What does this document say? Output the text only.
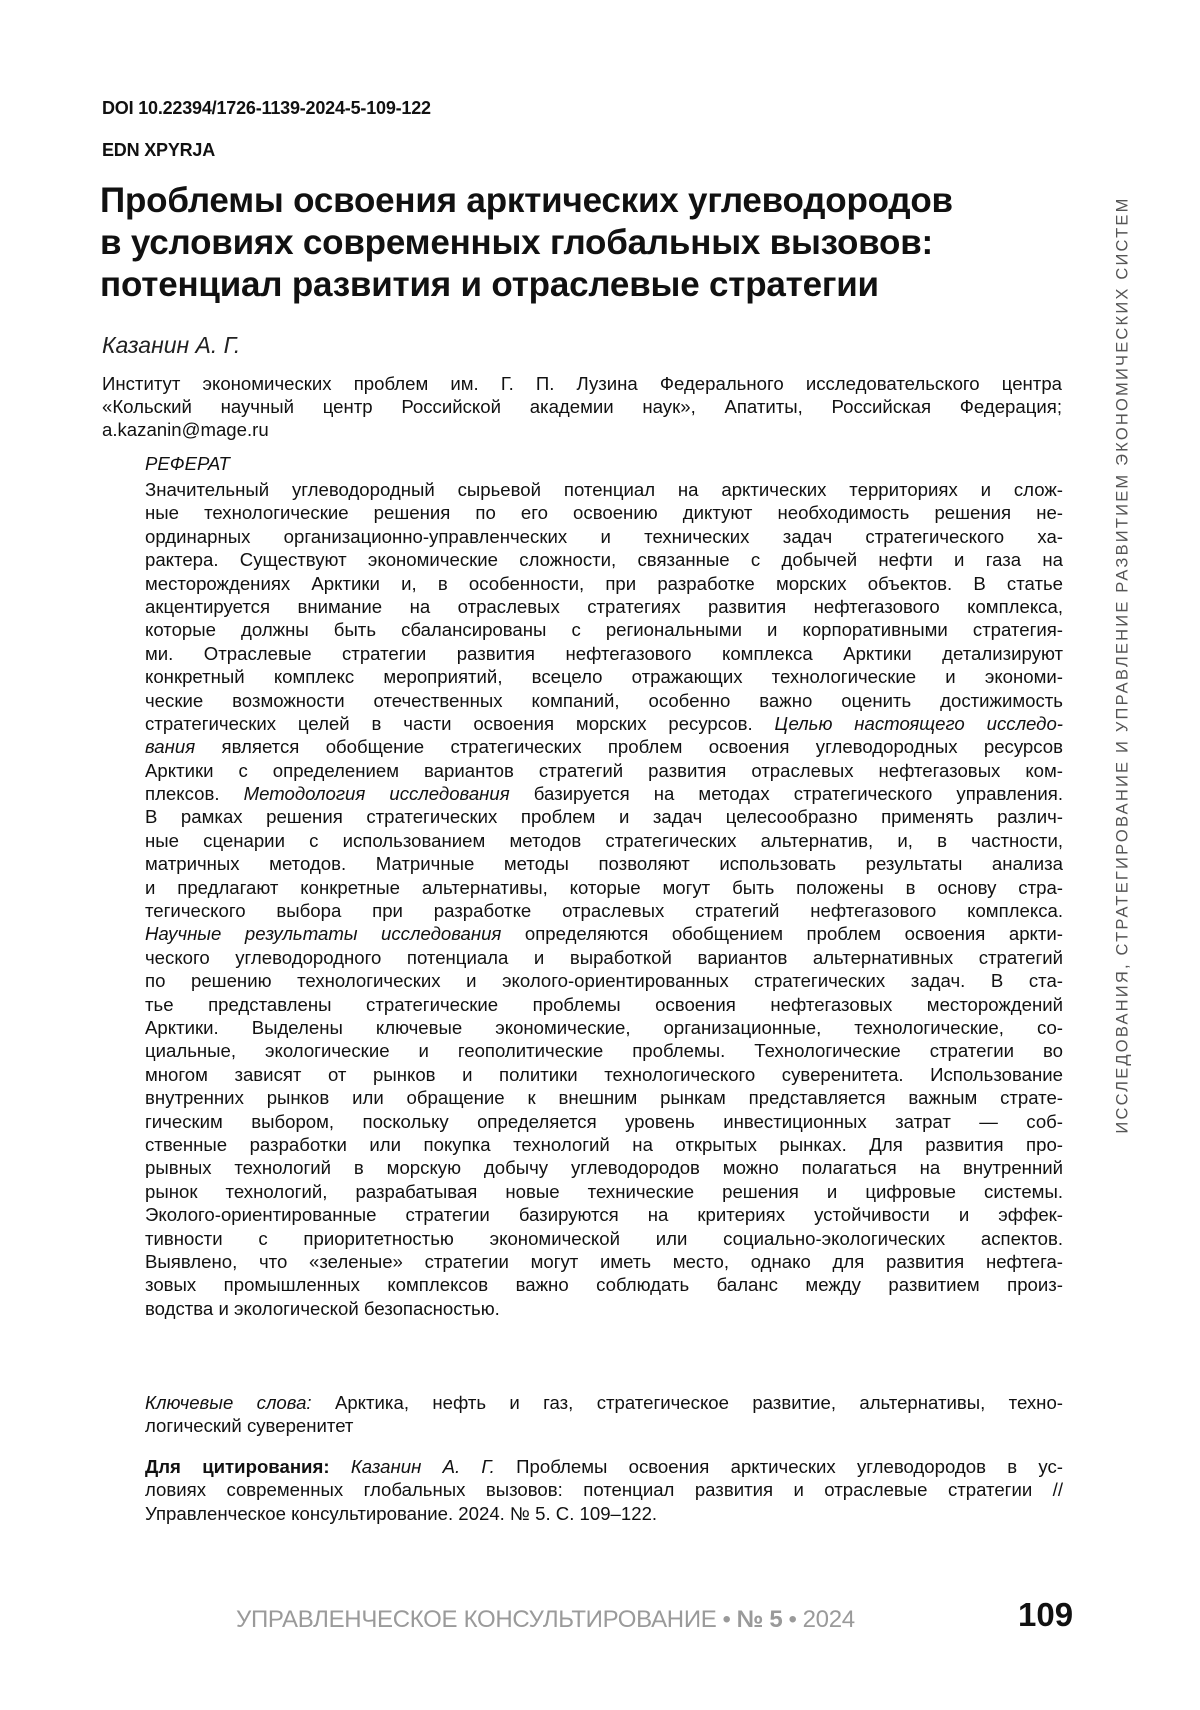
DOI 10.22394/1726-1139-2024-5-109-122
EDN XPYRJA
Проблемы освоения арктических углеводородов
в условиях современных глобальных вызовов:
потенциал развития и отраслевые стратегии
Казанин А. Г.
Институт экономических проблем им. Г. П. Лузина Федерального исследовательского центра
«Кольский научный центр Российской академии наук», Апатиты, Российская Федерация;
a.kazanin@mage.ru
РЕФЕРАТ
Значительный углеводородный сырьевой потенциал на арктических территориях и слож-
ные технологические решения по его освоению диктуют необходимость решения не-
ординарных организационно-управленческих и технических задач стратегического ха-
рактера. Существуют экономические сложности, связанные с добычей нефти и газа на
месторождениях Арктики и, в особенности, при разработке морских объектов. В статье
акцентируется внимание на отраслевых стратегиях развития нефтегазового комплекса,
которые должны быть сбалансированы с региональными и корпоративными стратегия-
ми. Отраслевые стратегии развития нефтегазового комплекса Арктики детализируют
конкретный комплекс мероприятий, всецело отражающих технологические и экономи-
ческие возможности отечественных компаний, особенно важно оценить достижимость
стратегических целей в части освоения морских ресурсов. Целью настоящего исследо-
вания является обобщение стратегических проблем освоения углеводородных ресурсов
Арктики с определением вариантов стратегий развития отраслевых нефтегазовых ком-
плексов. Методология исследования базируется на методах стратегического управления.
В рамках решения стратегических проблем и задач целесообразно применять различ-
ные сценарии с использованием методов стратегических альтернатив, и, в частности,
матричных методов. Матричные методы позволяют использовать результаты анализа
и предлагают конкретные альтернативы, которые могут быть положены в основу стра-
тегического выбора при разработке отраслевых стратегий нефтегазового комплекса.
Научные результаты исследования определяются обобщением проблем освоения аркти-
ческого углеводородного потенциала и выработкой вариантов альтернативных стратегий
по решению технологических и эколого-ориентированных стратегических задач. В ста-
тье представлены стратегические проблемы освоения нефтегазовых месторождений
Арктики. Выделены ключевые экономические, организационные, технологические, со-
циальные, экологические и геополитические проблемы. Технологические стратегии во
многом зависят от рынков и политики технологического суверенитета. Использование
внутренних рынков или обращение к внешним рынкам представляется важным страте-
гическим выбором, поскольку определяется уровень инвестиционных затрат — соб-
ственные разработки или покупка технологий на открытых рынках. Для развития про-
рывных технологий в морскую добычу углеводородов можно полагаться на внутренний
рынок технологий, разрабатывая новые технические решения и цифровые системы.
Эколого-ориентированные стратегии базируются на критериях устойчивости и эффек-
тивности с приоритетностью экономической или социально-экологических аспектов.
Выявлено, что «зеленые» стратегии могут иметь место, однако для развития нефтега-
зовых промышленных комплексов важно соблюдать баланс между развитием произ-
водства и экологической безопасностью.
Ключевые слова: Арктика, нефть и газ, стратегическое развитие, альтернативы, техно-
логический суверенитет
Для цитирования: Казанин А. Г. Проблемы освоения арктических углеводородов в ус-
ловиях современных глобальных вызовов: потенциал развития и отраслевые стратегии //
Управленческое консультирование. 2024. № 5. С. 109–122.
ИССЛЕДОВАНИЯ, СТРАТЕГИРОВАНИЕ И УПРАВЛЕНИЕ РАЗВИТИЕМ ЭКОНОМИЧЕСКИХ СИСТЕМ
УПРАВЛЕНЧЕСКОЕ КОНСУЛЬТИРОВАНИЕ • № 5 • 2024	109
